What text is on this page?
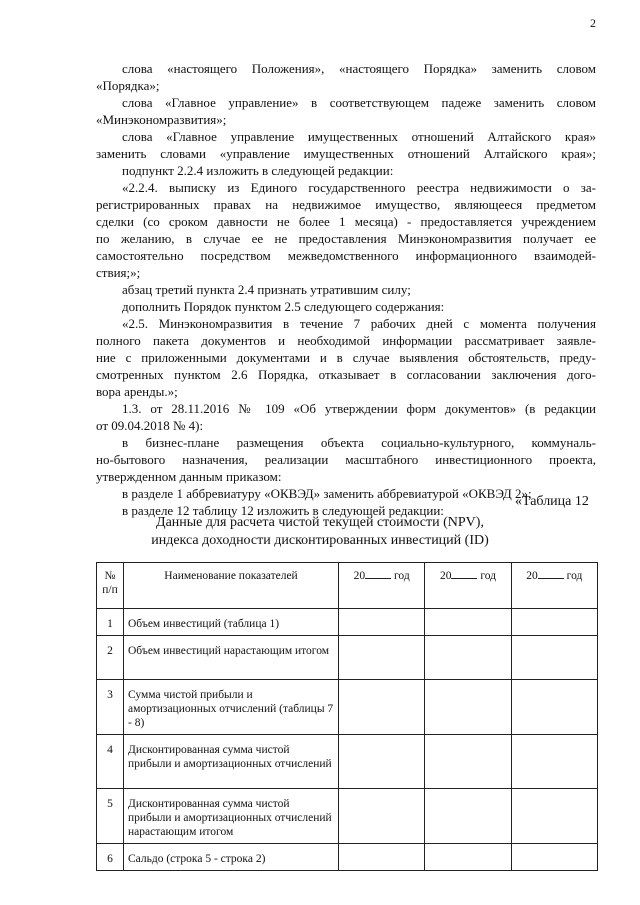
2
слова «настоящего Положения», «настоящего Порядка» заменить словом
«Порядка»;
слова «Главное управление» в соответствующем падеже заменить словом
«Минэкономразвития»;
слова «Главное управление имущественных отношений Алтайского края»
заменить словами «управление имущественных отношений Алтайского края»;
подпункт 2.2.4 изложить в следующей редакции:
«2.2.4. выписку из Единого государственного реестра недвижимости о за-
регистрированных правах на недвижимое имущество, являющееся предметом
сделки (со сроком давности не более 1 месяца) - предоставляется учреждением
по желанию, в случае ее не предоставления Минэкономразвития получает ее
самостоятельно посредством межведомственного информационного взаимодей-
ствия;»;
абзац третий пункта 2.4 признать утратившим силу;
дополнить Порядок пунктом 2.5 следующего содержания:
«2.5. Минэкономразвития в течение 7 рабочих дней с момента получения
полного пакета документов и необходимой информации рассматривает заявле-
ние с приложенными документами и в случае выявления обстоятельств, преду-
смотренных пунктом 2.6 Порядка, отказывает в согласовании заключения дого-
вора аренды.»;
1.3. от 28.11.2016 № 109 «Об утверждении форм документов» (в редакции
от 09.04.2018 № 4):
в бизнес-плане размещения объекта социально-культурного, коммуналь-
но-бытового назначения, реализации масштабного инвестиционного проекта,
утвержденном данным приказом:
в разделе 1 аббревиатуру «ОКВЭД» заменить аббревиатурой «ОКВЭД 2»;
в разделе 12 таблицу 12 изложить в следующей редакции:
«Таблица 12
Данные для расчета чистой текущей стоимости (NPV),
индекса доходности дисконтированных инвестиций (ID)
№ п/п	Наименование показателей	20 год	20 год	20 год
1	Объем инвестиций (таблица 1)			
2	Объем инвестиций нарастающим итогом			
3	Сумма чистой прибыли и амортизационных отчислений (таблицы 7 - 8)			
4	Дисконтированная сумма чистой прибыли и амортизационных отчислений			
5	Дисконтированная сумма чистой прибыли и амортизационных отчислений нарастающим итогом			
6	Сальдо (строка 5 - строка 2)			
